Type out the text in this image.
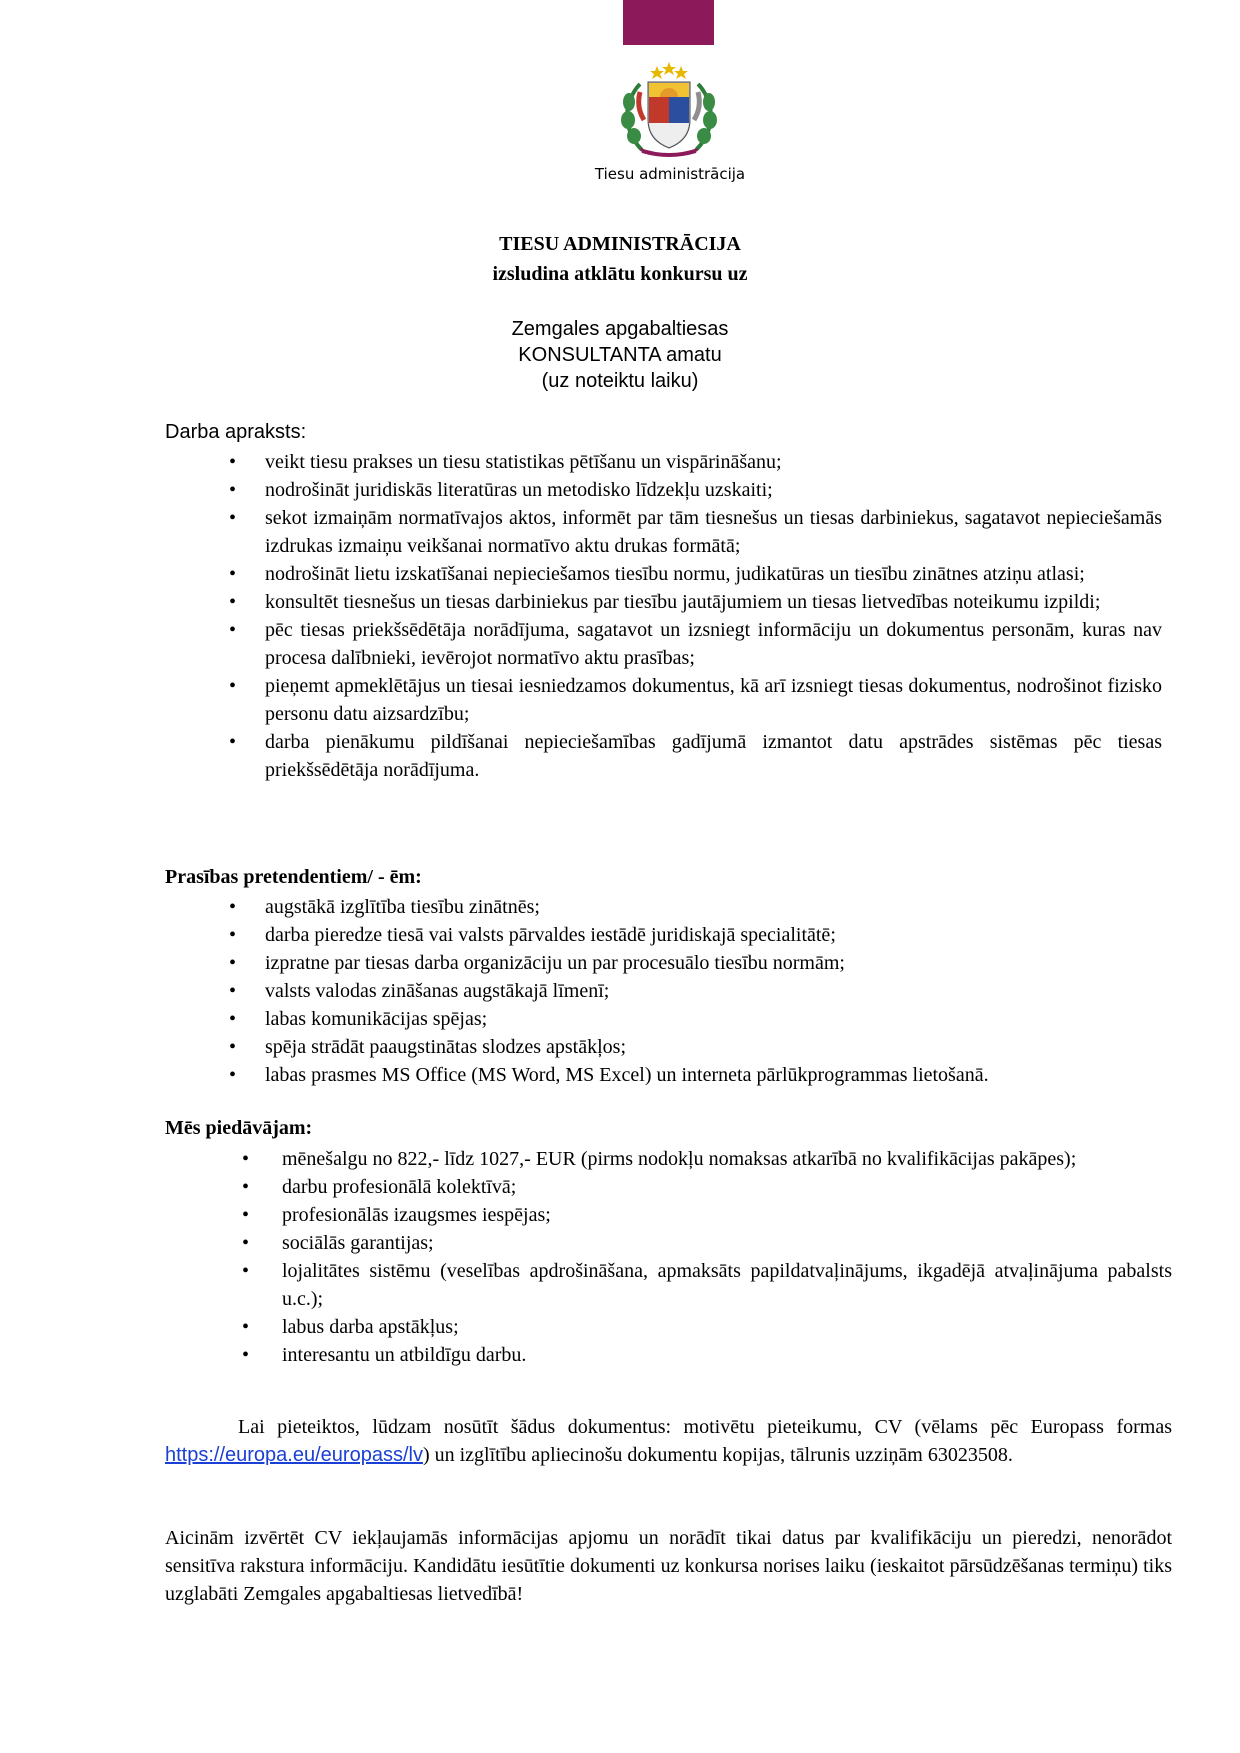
Tiesu administrācija
TIESU ADMINISTRĀCIJA
izsludina atklātu konkursu uz
Zemgales apgabaltiesas
KONSULTANTA amatu
(uz noteiktu laiku)
Darba apraksts:
• veikt tiesu prakses un tiesu statistikas pētīšanu un vispārināšanu;
• nodrošināt juridiskās literatūras un metodisko līdzekļu uzskaiti;
• sekot izmaiņām normatīvajos aktos, informēt par tām tiesnešus un tiesas darbiniekus, sagatavot nepieciešamās izdrukas izmaiņu veikšanai normatīvo aktu drukas formātā;
• nodrošināt lietu izskatīšanai nepieciešamos tiesību normu, judikatūras un tiesību zinātnes atziņu atlasi;
• konsultēt tiesnešus un tiesas darbiniekus par tiesību jautājumiem un tiesas lietvedības noteikumu izpildi;
• pēc tiesas priekšsēdētāja norādījuma, sagatavot un izsniegt informāciju un dokumentus personām, kuras nav procesa dalībnieki, ievērojot normatīvo aktu prasības;
• pieņemt apmeklētājus un tiesai iesniedzamos dokumentus, kā arī izsniegt tiesas dokumentus, nodrošinot fizisko personu datu aizsardzību;
• darba pienākumu pildīšanai nepieciešamības gadījumā izmantot datu apstrādes sistēmas pēc tiesas priekšsēdētāja norādījuma.
Prasības pretendentiem/ - ēm:
• augstākā izglītība tiesību zinātnēs;
• darba pieredze tiesā vai valsts pārvaldes iestādē juridiskajā specialitātē;
• izpratne par tiesas darba organizāciju un par procesuālo tiesību normām;
• valsts valodas zināšanas augstākajā līmenī;
• labas komunikācijas spējas;
• spēja strādāt paaugstinātas slodzes apstākļos;
• labas prasmes MS Office (MS Word, MS Excel) un interneta pārlūkprogrammas lietošanā.
Mēs piedāvājam:
• mēnešalgu no 822,- līdz 1027,- EUR (pirms nodokļu nomaksas atkarībā no kvalifikācijas pakāpes);
• darbu profesionālā kolektīvā;
• profesionālās izaugsmes iespējas;
• sociālās garantijas;
• lojalitātes sistēmu (veselības apdrošināšana, apmaksāts papildatvaļinājums, ikgadējā atvaļinājuma pabalsts u.c.);
• labus darba apstākļus;
• interesantu un atbildīgu darbu.
Lai pieteiktos, lūdzam nosūtīt šādus dokumentus: motivētu pieteikumu, CV (vēlams pēc Europass formas https://europa.eu/europass/lv) un izglītību apliecinošu dokumentu kopijas, tālrunis uzziņām 63023508.
Aicinām izvērtēt CV iekļaujamās informācijas apjomu un norādīt tikai datus par kvalifikāciju un pieredzi, nenorādot sensitīva rakstura informāciju. Kandidātu iesūtītie dokumenti uz konkursa norises laiku (ieskaitot pārsūdzēšanas termiņu) tiks uzglabāti Zemgales apgabaltiesas lietvedībā!
